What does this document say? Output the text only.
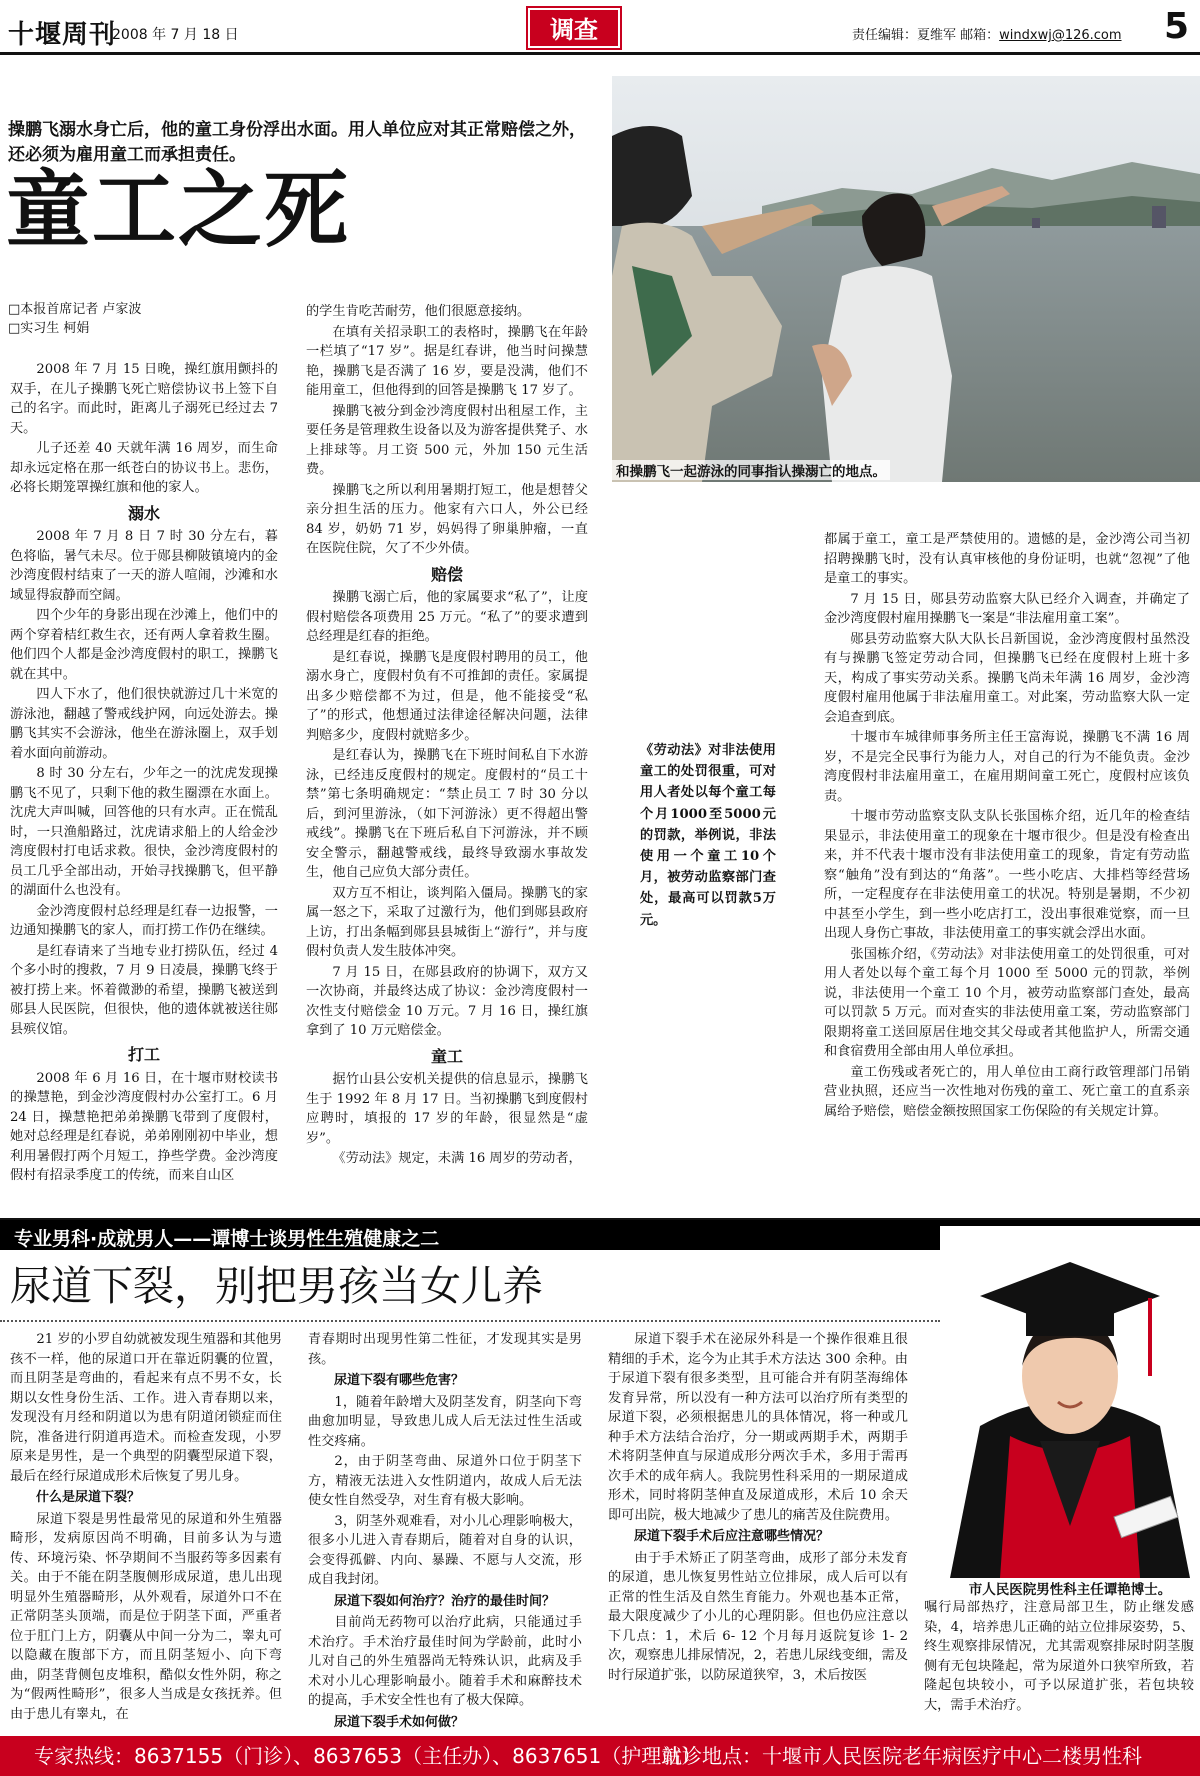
十堰周刊
2008 年 7 月 18 日	调查	责任编辑：夏维军 邮箱：windxwj@126.com 5
操鹏飞溺水身亡后，他的童工身份浮出水面。用人单位应对其正常赔偿之外，还必须为雇用童工而承担责任。
童工之死
□本报首席记者 卢家波
□实习生 柯娟
和操鹏飞一起游泳的同事指认操溺亡的地点。

2008 年 7 月 15 日晚，操红旗用颤抖的双手，在儿子操鹏飞死亡赔偿协议书上签下自己的名字。而此时，距离儿子溺死已经过去 7 天。

儿子还差 40 天就年满 16 周岁，而生命却永远定格在那一纸苍白的协议书上。悲伤，必将长期笼罩操红旗和他的家人。

溺水

2008 年 7 月 8 日 7 时 30 分左右，暮色将临，暑气未尽。位于郧县柳陂镇境内的金沙湾度假村结束了一天的游人喧闹，沙滩和水域显得寂静而空阔。

四个少年的身影出现在沙滩上，他们中的两个穿着桔红救生衣，还有两人拿着救生圈。他们四个人都是金沙湾度假村的职工，操鹏飞就在其中。

四人下水了，他们很快就游过几十米宽的游泳池，翻越了警戒线护网，向远处游去。操鹏飞其实不会游泳，他坐在游泳圈上，双手划着水面向前游动。

8 时 30 分左右，少年之一的沈虎发现操鹏飞不见了，只剩下他的救生圈漂在水面上。沈虎大声叫喊，回答他的只有水声。正在慌乱时，一只渔船路过，沈虎请求船上的人给金沙湾度假村打电话求救。很快，金沙湾度假村的员工几乎全部出动，开始寻找操鹏飞，但平静的湖面什么也没有。

金沙湾度假村总经理是红春一边报警，一边通知操鹏飞的家人，而打捞工作仍在继续。

是红春请来了当地专业打捞队伍，经过 4 个多小时的搜救，7 月 9 日凌晨，操鹏飞终于被打捞上来。怀着微渺的希望，操鹏飞被送到郧县人民医院，但很快，他的遗体就被送往郧县殡仪馆。

打工

2008 年 6 月 16 日，在十堰市财校读书的操慧艳，到金沙湾度假村办公室打工。6 月 24 日，操慧艳把弟弟操鹏飞带到了度假村，她对总经理是红春说，弟弟刚刚初中毕业，想利用暑假打两个月短工，挣些学费。金沙湾度假村有招录季度工的传统，而来自山区

的学生肯吃苦耐劳，他们很愿意接纳。

在填有关招录职工的表格时，操鹏飞在年龄一栏填了“17 岁”。据是红春讲，他当时问操慧艳，操鹏飞是否满了 16 岁，要是没满，他们不能用童工，但他得到的回答是操鹏飞 17 岁了。

操鹏飞被分到金沙湾度假村出租屋工作，主要任务是管理救生设备以及为游客提供凳子、水上排球等。月工资 500 元，外加 150 元生活费。

操鹏飞之所以利用暑期打短工，他是想替父亲分担生活的压力。他家有六口人，外公已经 84 岁，奶奶 71 岁，妈妈得了卵巢肿瘤，一直在医院住院，欠了不少外债。

赔偿

操鹏飞溺亡后，他的家属要求“私了”，让度假村赔偿各项费用 25 万元。“私了”的要求遭到总经理是红春的拒绝。

是红春说，操鹏飞是度假村聘用的员工，他溺水身亡，度假村负有不可推卸的责任。家属提出多少赔偿都不为过，但是，他不能接受“私了”的形式，他想通过法律途径解决问题，法律判赔多少，度假村就赔多少。

是红春认为，操鹏飞在下班时间私自下水游泳，已经违反度假村的规定。度假村的“员工十禁”第七条明确规定：“禁止员工 7 时 30 分以后，到河里游泳，（如下河游泳）更不得超出警戒线”。操鹏飞在下班后私自下河游泳，并不顾安全警示，翻越警戒线，最终导致溺水事故发生，他自己应负大部分责任。

双方互不相让，谈判陷入僵局。操鹏飞的家属一怒之下，采取了过激行为，他们到郧县政府上访，打出条幅到郧县县城街上“游行”，并与度假村负责人发生肢体冲突。

7 月 15 日，在郧县政府的协调下，双方又一次协商，并最终达成了协议：金沙湾度假村一次性支付赔偿金 10 万元。7 月 16 日，操红旗拿到了 10 万元赔偿金。

童工

据竹山县公安机关提供的信息显示，操鹏飞生于 1992 年 8 月 17 日。当初操鹏飞到度假村应聘时，填报的 17 岁的年龄，很显然是“虚岁”。

《劳动法》规定，未满 16 周岁的劳动者，

《劳动法》对非法使用童工的处罚很重，可对用人者处以每个童工每个月1000至5000元的罚款，举例说，非法使用一个童工10个月，被劳动监察部门查处，最高可以罚款5万元。

都属于童工，童工是严禁使用的。遗憾的是，金沙湾公司当初招聘操鹏飞时，没有认真审核他的身份证明，也就“忽视”了他是童工的事实。

7 月 15 日，郧县劳动监察大队已经介入调查，并确定了金沙湾度假村雇用操鹏飞一案是“非法雇用童工案”。

郧县劳动监察大队大队长吕新国说，金沙湾度假村虽然没有与操鹏飞签定劳动合同，但操鹏飞已经在度假村上班十多天，构成了事实劳动关系。操鹏飞尚未年满 16 周岁，金沙湾度假村雇用他属于非法雇用童工。对此案，劳动监察大队一定会追查到底。

十堰市车城律师事务所主任王富海说，操鹏飞不满 16 周岁，不是完全民事行为能力人，对自己的行为不能负责。金沙湾度假村非法雇用童工，在雇用期间童工死亡，度假村应该负责。

十堰市劳动监察支队支队长张国栋介绍，近几年的检查结果显示，非法使用童工的现象在十堰市很少。但是没有检查出来，并不代表十堰市没有非法使用童工的现象，肯定有劳动监察“触角”没有到达的“角落”。一些小吃店、大排档等经营场所，一定程度存在非法使用童工的状况。特别是暑期，不少初中甚至小学生，到一些小吃店打工，没出事很难觉察，而一旦出现人身伤亡事故，非法使用童工的事实就会浮出水面。

张国栋介绍，《劳动法》对非法使用童工的处罚很重，可对用人者处以每个童工每个月 1000 至 5000 元的罚款，举例说，非法使用一个童工 10 个月，被劳动监察部门查处，最高可以罚款 5 万元。而对查实的非法使用童工案，劳动监察部门限期将童工送回原居住地交其父母或者其他监护人，所需交通和食宿费用全部由用人单位承担。

童工伤残或者死亡的，用人单位由工商行政管理部门吊销营业执照，还应当一次性地对伤残的童工、死亡童工的直系亲属给予赔偿，赔偿金额按照国家工伤保险的有关规定计算。

专业男科·成就男人——谭博士谈男性生殖健康之二
尿道下裂，别把男孩当女儿养

21 岁的小罗自幼就被发现生殖器和其他男孩不一样，他的尿道口开在靠近阴囊的位置，而且阴茎是弯曲的，看起来有点不男不女，长期以女性身份生活、工作。进入青春期以来，发现没有月经和阴道以为患有阴道闭锁症而住院，准备进行阴道再造术。而检查发现，小罗原来是男性，是一个典型的阴囊型尿道下裂，最后在经行尿道成形术后恢复了男儿身。

什么是尿道下裂？

尿道下裂是男性最常见的尿道和外生殖器畸形，发病原因尚不明确，目前多认为与遗传、环境污染、怀孕期间不当服药等多因素有关。由于不能在阴茎腹侧形成尿道，患儿出现明显外生殖器畸形，从外观看，尿道外口不在正常阴茎头顶端，而是位于阴茎下面，严重者位于肛门上方，阴囊从中间一分为二，睾丸可以隐藏在腹部下方，而且阴茎短小、向下弯曲，阴茎背侧包皮堆积，酷似女性外阴，称之为“假两性畸形”，很多人当成是女孩抚养。但由于患儿有睾丸，在

青春期时出现男性第二性征，才发现其实是男孩。

尿道下裂有哪些危害？

1，随着年龄增大及阴茎发育，阴茎向下弯曲愈加明显，导致患儿成人后无法过性生活或性交疼痛。

2，由于阴茎弯曲、尿道外口位于阴茎下方，精液无法进入女性阴道内，故成人后无法使女性自然受孕，对生育有极大影响。

3，阴茎外观难看，对小儿心理影响极大，很多小儿进入青春期后，随着对自身的认识，会变得孤僻、内向、暴躁、不愿与人交流，形成自我封闭。

尿道下裂如何治疗？治疗的最佳时间？

目前尚无药物可以治疗此病，只能通过手术治疗。手术治疗最佳时间为学龄前，此时小儿对自己的外生殖器尚无特殊认识，此病及手术对小儿心理影响最小。随着手术和麻醉技术的提高，手术安全性也有了极大保障。

尿道下裂手术如何做？

尿道下裂手术在泌尿外科是一个操作很难且很精细的手术，迄今为止其手术方法达 300 余种。由于尿道下裂有很多类型，且可能合并有阴茎海绵体发育异常，所以没有一种方法可以治疗所有类型的尿道下裂，必须根据患儿的具体情况，将一种或几种手术方法结合治疗，分一期或两期手术，两期手术将阴茎伸直与尿道成形分两次手术，多用于需再次手术的成年病人。我院男性科采用的一期尿道成形术，同时将阴茎伸直及尿道成形，术后 10 余天即可出院，极大地减少了患儿的痛苦及住院费用。

尿道下裂手术后应注意哪些情况？

由于手术矫正了阴茎弯曲，成形了部分未发育的尿道，患儿恢复男性站立位排尿，成人后可以有正常的性生活及自然生育能力。外观也基本正常，最大限度减少了小儿的心理阴影。但也仍应注意以下几点：1，术后 6- 12 个月每月返院复诊 1- 2 次，观察患儿排尿情况，2，若患儿尿线变细，需及时行尿道扩张，以防尿道狭窄，3，术后按医

市人民医院男性科主任谭艳博士。

嘱行局部热疗，注意局部卫生，防止继发感染，4，培养患儿正确的站立位排尿姿势，5、终生观察排尿情况，尤其需观察排尿时阴茎腹侧有无包块隆起，常为尿道外口狭窄所致，若隆起包块较小，可予以尿道扩张，若包块较大，需手术治疗。

专家热线：8637155（门诊）、8637653（主任办）、8637651（护理站）
就诊地点：十堰市人民医院老年病医疗中心二楼男性科
